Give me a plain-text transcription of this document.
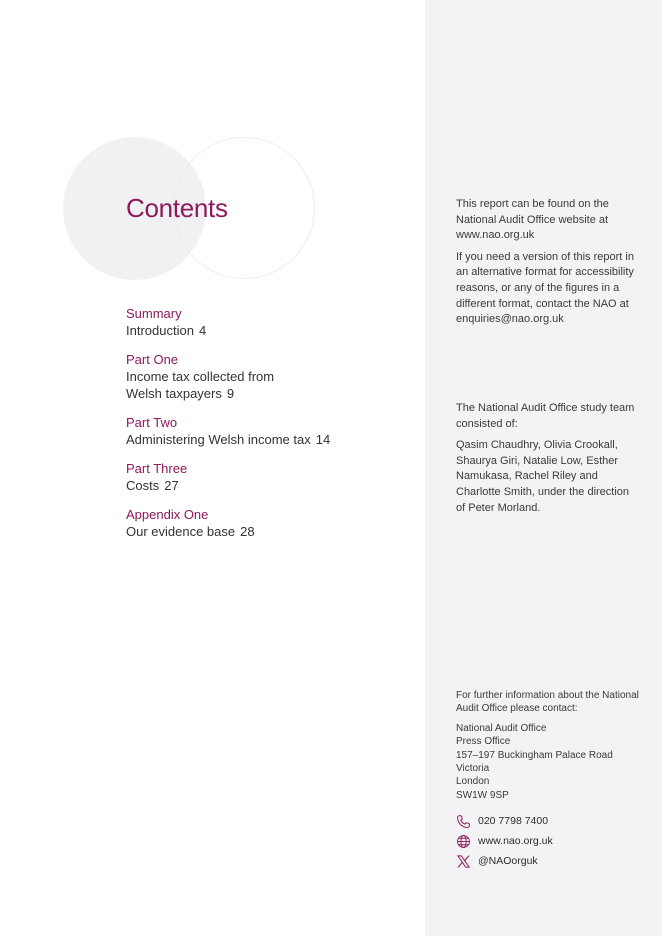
Contents
Summary
Introduction 4
Part One
Income tax collected from
Welsh taxpayers 9
Part Two
Administering Welsh income tax 14
Part Three
Costs 27
Appendix One
Our evidence base 28

This report can be found on the National Audit Office website at www.nao.org.uk

If you need a version of this report in an alternative format for accessibility reasons, or any of the figures in a different format, contact the NAO at enquiries@nao.org.uk

The National Audit Office study team consisted of:

Qasim Chaudhry, Olivia Crookall, Shaurya Giri, Natalie Low, Esther Namukasa, Rachel Riley and Charlotte Smith, under the direction of Peter Morland.

For further information about the National Audit Office please contact:

National Audit Office
Press Office
157–197 Buckingham Palace Road
Victoria
London
SW1W 9SP
020 7798 7400
www.nao.org.uk
@NAOorguk
